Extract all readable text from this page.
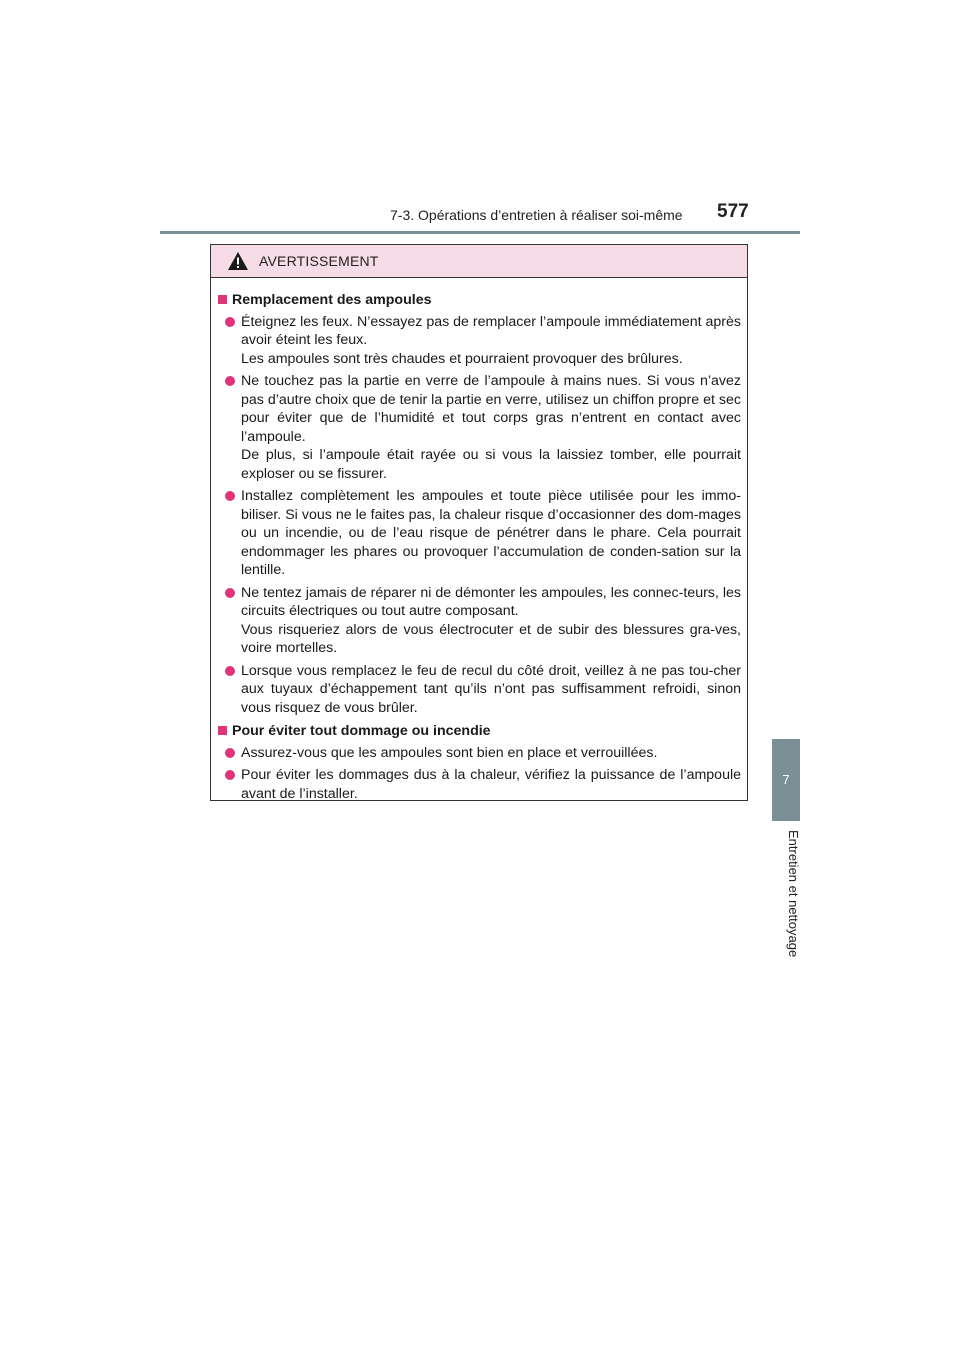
7-3. Opérations d’entretien à réaliser soi-même 577
7
Entretien et nettoyage
AVERTISSEMENT
Remplacement des ampoules

Éteignez les feux. N’essayez pas de remplacer l’ampoule immédiatement après avoir éteint les feux.

Les ampoules sont très chaudes et pourraient provoquer des brûlures.

Ne touchez pas la partie en verre de l’ampoule à mains nues. Si vous n’avez pas d’autre choix que de tenir la partie en verre, utilisez un chiffon propre et sec pour éviter que de l’humidité et tout corps gras n’entrent en contact avec l’ampoule.

De plus, si l’ampoule était rayée ou si vous la laissiez tomber, elle pourrait exploser ou se fissurer.

Installez complètement les ampoules et toute pièce utilisée pour les immo-biliser. Si vous ne le faites pas, la chaleur risque d’occasionner des dom-mages ou un incendie, ou de l’eau risque de pénétrer dans le phare. Cela pourrait endommager les phares ou provoquer l’accumulation de conden-sation sur la lentille.

Ne tentez jamais de réparer ni de démonter les ampoules, les connec-teurs, les circuits électriques ou tout autre composant.

Vous risqueriez alors de vous électrocuter et de subir des blessures gra-ves, voire mortelles.

Lorsque vous remplacez le feu de recul du côté droit, veillez à ne pas tou-cher aux tuyaux d’échappement tant qu’ils n’ont pas suffisamment refroidi, sinon vous risquez de vous brûler.

Pour éviter tout dommage ou incendie

Assurez-vous que les ampoules sont bien en place et verrouillées.

Pour éviter les dommages dus à la chaleur, vérifiez la puissance de l’ampoule avant de l’installer.
